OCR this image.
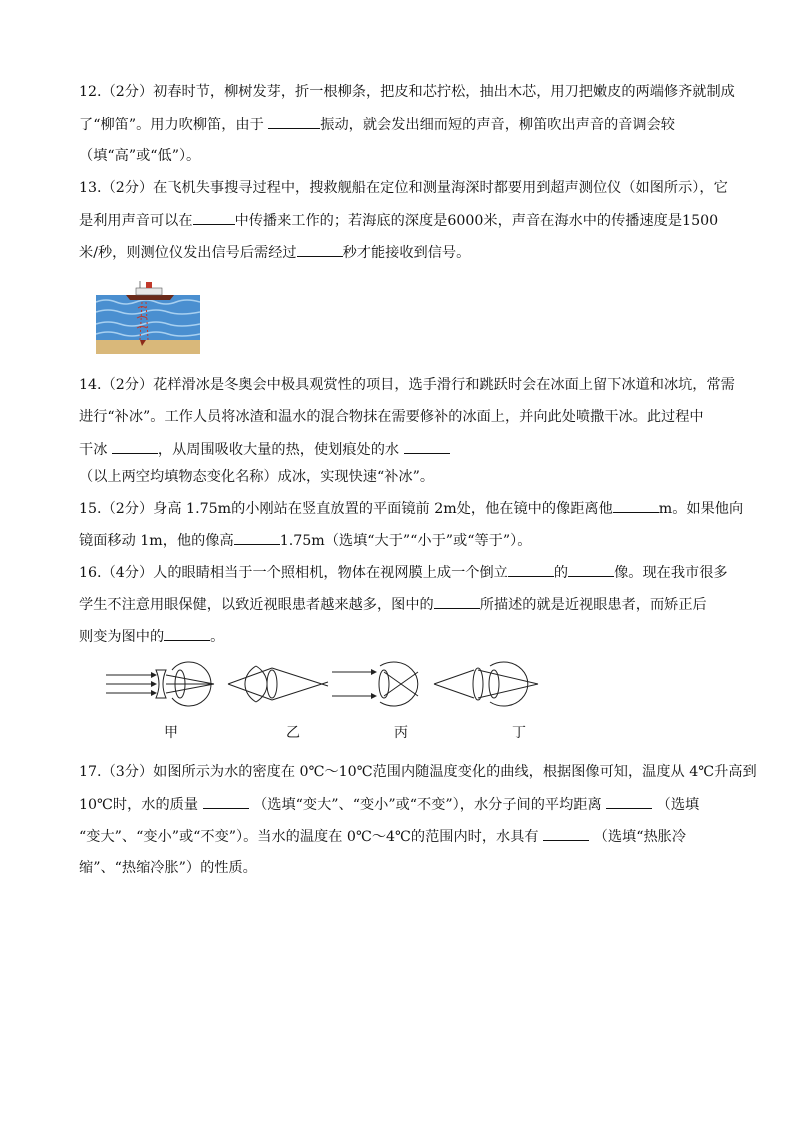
12.（2分）初春时节，柳树发芽，折一根柳条，把皮和芯拧松，抽出木芯，用刀把嫩皮的两端修齐就制成
了“柳笛”。用力吹柳笛，由于	振动，就会发出细而短的声音，柳笛吹出声音的音调会较
（填“高”或“低”）。
13.（2分）在飞机失事搜寻过程中，搜救舰船在定位和测量海深时都要用到超声测位仪（如图所示），它
是利用声音可以在	中传播来工作的；若海底的深度是6000米，声音在海水中的传播速度是1500
米/秒，则测位仪发出信号后需经过	秒才能接收到信号。
14.（2分）花样滑冰是冬奥会中极具观赏性的项目，选手滑行和跳跃时会在冰面上留下冰道和冰坑，常需
进行“补冰”。工作人员将冰渣和温水的混合物抹在需要修补的冰面上，并向此处喷撒干冰。此过程中
干冰	，从周围吸收大量的热，使划痕处的水
（以上两空均填物态变化名称）成冰，实现快速“补冰”。
15.（2分）身高 1.75m的小刚站在竖直放置的平面镜前 2m处，他在镜中的像距离他	m。如果他向
镜面移动 1m，他的像高	1.75m（选填“大于”“小于”或“等于”）。
16.（4分）人的眼睛相当于一个照相机，物体在视网膜上成一个倒立	的	像。现在我市很多
学生不注意用眼保健，以致近视眼患者越来越多，图中的	所描述的就是近视眼患者，而矫正后
则变为图中的	。
甲	乙	丙	丁
17.（3分）如图所示为水的密度在 0℃～10℃范围内随温度变化的曲线，根据图像可知，温度从 4℃升高到
10℃时，水的质量	（选填“变大”、“变小”或“不变”），水分子间的平均距离	（选填
“变大”、“变小”或“不变”）。当水的温度在 0℃～4℃的范围内时，水具有	（选填“热胀冷
缩”、“热缩冷胀”）的性质。
